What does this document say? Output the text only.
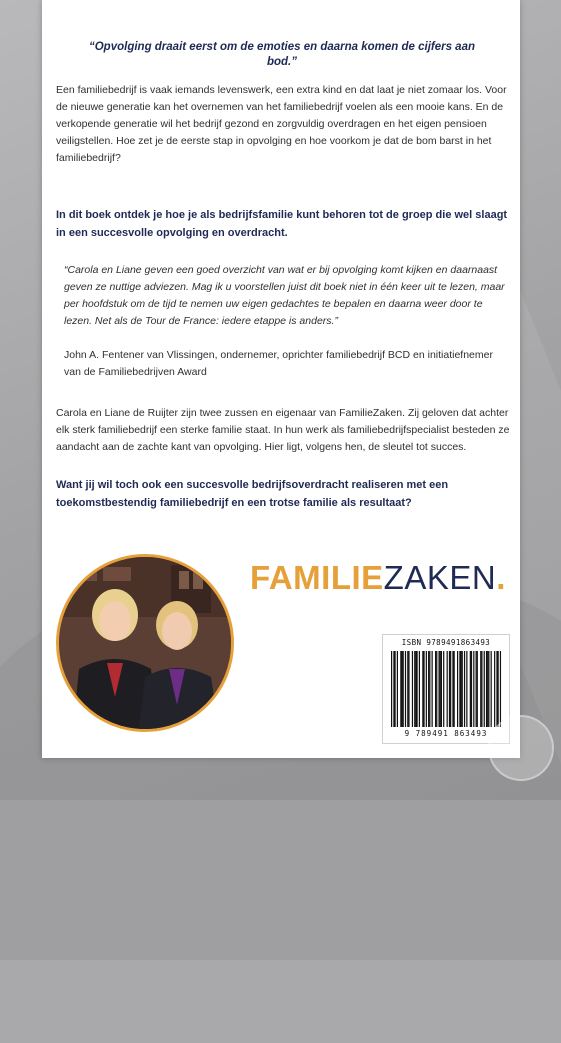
“Opvolging draait eerst om de emoties en daarna komen de cijfers aan bod.”
Een familiebedrijf is vaak iemands levenswerk, een extra kind en dat laat je niet zomaar los. Voor de nieuwe generatie kan het overnemen van het familiebedrijf voelen als een mooie kans. En de verkopende generatie wil het bedrijf gezond en zorgvuldig overdragen en het eigen pensioen veiligstellen. Hoe zet je de eerste stap in opvolging en hoe voorkom je dat de bom barst in het familiebedrijf?
In dit boek ontdek je hoe je als bedrijfsfamilie kunt behoren tot de groep die wel slaagt in een succesvolle opvolging en overdracht.
“Carola en Liane geven een goed overzicht van wat er bij opvolging komt kijken en daarnaast geven ze nuttige adviezen. Mag ik u voorstellen juist dit boek niet in één keer uit te lezen, maar per hoofdstuk om de tijd te nemen uw eigen gedachtes te bepalen en daarna weer door te lezen. Net als de Tour de France: iedere etappe is anders.”
John A. Fentener van Vlissingen, ondernemer, oprichter familiebedrijf BCD en initiatiefnemer van de Familiebedrijven Award
Carola en Liane de Ruijter zijn twee zussen en eigenaar van FamilieZaken. Zij geloven dat achter elk sterk familiebedrijf een sterke familie staat. In hun werk als familiebedrijfspecialist besteden ze aandacht aan de zachte kant van opvolging. Hier ligt, volgens hen, de sleutel tot succes.
Want jij wil toch ook een succesvolle bedrijfsoverdracht realiseren met een toekomstbestendig familiebedrijf en een trotse familie als resultaat?
FAMILIEZAKEN.
ISBN 9789491863493
9 789491 863493
